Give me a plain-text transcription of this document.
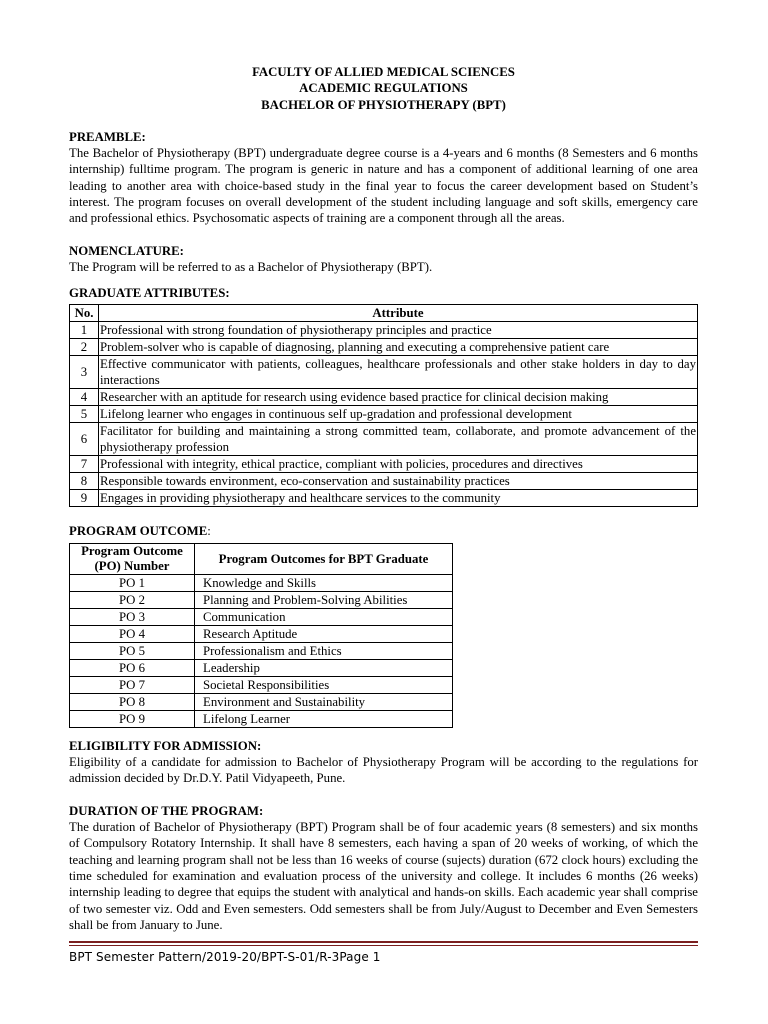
FACULTY OF ALLIED MEDICAL SCIENCES
ACADEMIC REGULATIONS
BACHELOR OF PHYSIOTHERAPY (BPT)
PREAMBLE:
The Bachelor of Physiotherapy (BPT) undergraduate degree course is a 4-years and 6 months (8 Semesters and 6 months internship) fulltime program. The program is generic in nature and has a component of additional learning of one area leading to another area with choice-based study in the final year to focus the career development based on Student’s interest. The program focuses on overall development of the student including language and soft skills, emergency care and professional ethics. Psychosomatic aspects of training are a component through all the areas.
NOMENCLATURE:
The Program will be referred to as a Bachelor of Physiotherapy (BPT).
GRADUATE ATTRIBUTES:
No.	Attribute
1	Professional with strong foundation of physiotherapy principles and practice
2	Problem-solver who is capable of diagnosing, planning and executing a comprehensive patient care
3	Effective communicator with patients, colleagues, healthcare professionals and other stake holders in day to day interactions
4	Researcher with an aptitude for research using evidence based practice for clinical decision making
5	Lifelong learner who engages in continuous self up-gradation and professional development
6	Facilitator for building and maintaining a strong committed team, collaborate, and promote advancement of the physiotherapy profession
7	Professional with integrity, ethical practice, compliant with policies, procedures and directives
8	Responsible towards environment, eco-conservation and sustainability practices
9	Engages in providing physiotherapy and healthcare services to the community
PROGRAM OUTCOME:
Program Outcome
(PO) Number	Program Outcomes for BPT Graduate
PO 1	Knowledge and Skills
PO 2	Planning and Problem-Solving Abilities
PO 3	Communication
PO 4	Research Aptitude
PO 5	Professionalism and Ethics
PO 6	Leadership
PO 7	Societal Responsibilities
PO 8	Environment and Sustainability
PO 9	Lifelong Learner
ELIGIBILITY FOR ADMISSION:
Eligibility of a candidate for admission to Bachelor of Physiotherapy Program will be according to the regulations for admission decided by Dr.D.Y. Patil Vidyapeeth, Pune.
DURATION OF THE PROGRAM:
The duration of Bachelor of Physiotherapy (BPT) Program shall be of four academic years (8 semesters) and six months of Compulsory Rotatory Internship. It shall have 8 semesters, each having a span of 20 weeks of working, of which the teaching and learning program shall not be less than 16 weeks of course (sujects) duration (672 clock hours) excluding the time scheduled for examination and evaluation process of the university and college. It includes 6 months (26 weeks) internship leading to degree that equips the student with analytical and hands-on skills. Each academic year shall comprise of two semester viz. Odd and Even semesters. Odd semesters shall be from July/August to December and Even Semesters shall be from January to June.
BPT Semester Pattern/2019-20/BPT-S-01/R-3Page 1
